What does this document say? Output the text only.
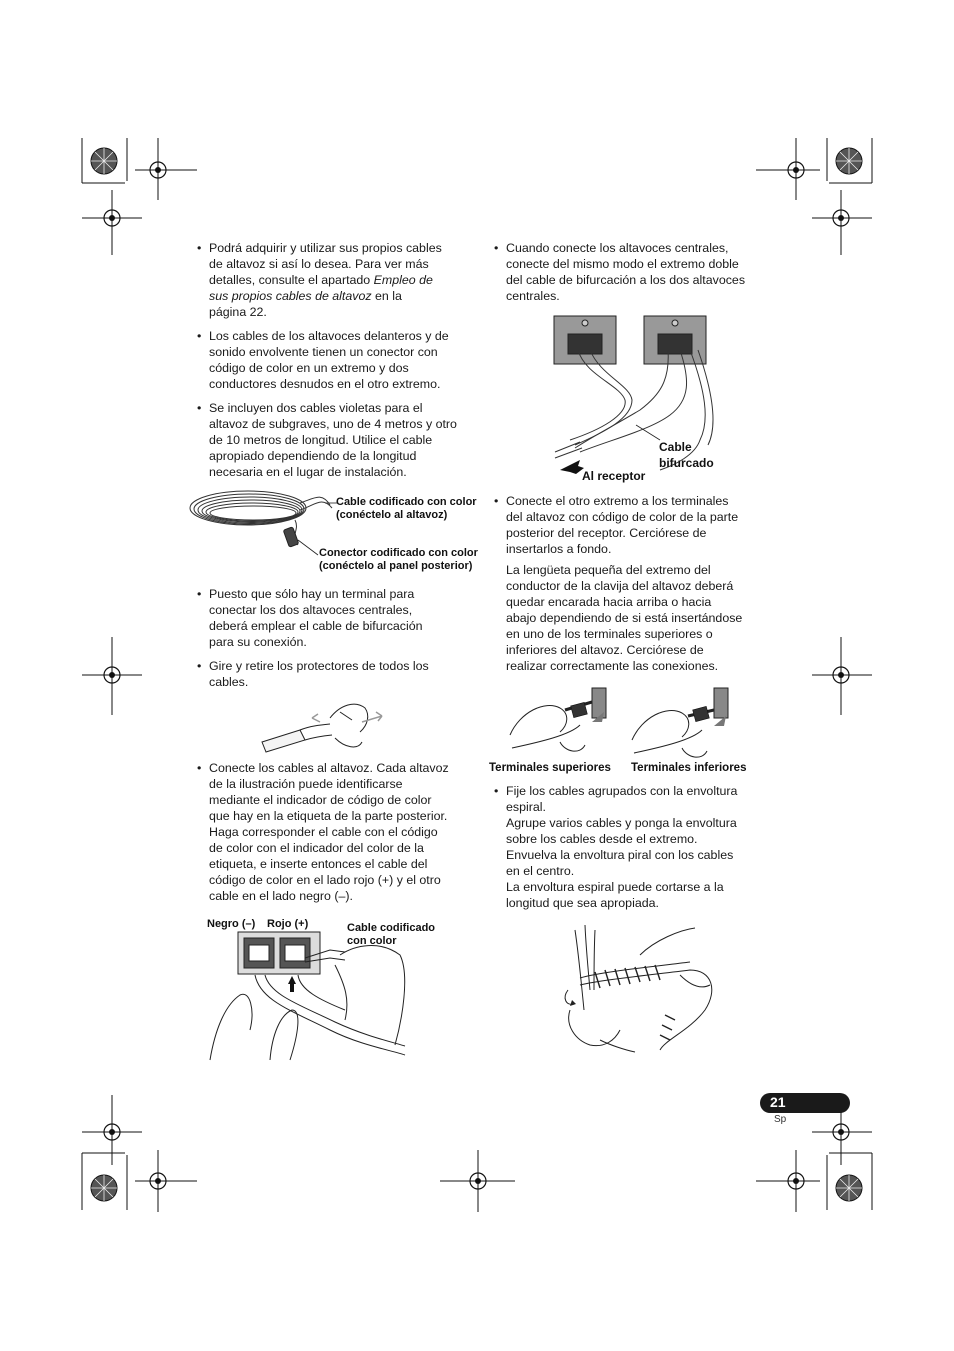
• Podrá adquirir y utilizar sus propios cables
de altavoz si así lo desea. Para ver más
detalles, consulte el apartado Empleo de
sus propios cables de altavoz en la
página 22.
• Los cables de los altavoces delanteros y de
sonido envolvente tienen un conector con
código de color en un extremo y dos
conductores desnudos en el otro extremo.
• Se incluyen dos cables violetas para el
altavoz de subgraves, uno de 4 metros y otro
de 10 metros de longitud. Utilice el cable
apropiado dependiendo de la longitud
necesaria en el lugar de instalación.
Cable codificado con color
(conéctelo al altavoz)
Conector codificado con color
(conéctelo al panel posterior)
• Puesto que sólo hay un terminal para
conectar los dos altavoces centrales,
deberá emplear el cable de bifurcación
para su conexión.
• Gire y retire los protectores de todos los
cables.
• Conecte los cables al altavoz. Cada altavoz
de la ilustración puede identificarse
mediante el indicador de código de color
que hay en la etiqueta de la parte posterior.
Haga corresponder el cable con el código
de color con el indicador del color de la
etiqueta, e inserte entonces el cable del
código de color en el lado rojo (+) y el otro
cable en el lado negro (–).
Negro (–) Rojo (+)	Cable codificado
con color
• Cuando conecte los altavoces centrales,
conecte del mismo modo el extremo doble
del cable de bifurcación a los dos altavoces
centrales.
Cable
bifurcado
Al receptor
• Conecte el otro extremo a los terminales
del altavoz con código de color de la parte
posterior del receptor. Cerciórese de
insertarlos a fondo.
La lengüeta pequeña del extremo del
conductor de la clavija del altavoz deberá
quedar encarada hacia arriba o hacia
abajo dependiendo de si está insertándose
en uno de los terminales superiores o
inferiores del altavoz. Cerciórese de
realizar correctamente las conexiones.
Terminales superiores Terminales inferiores
• Fije los cables agrupados con la envoltura
espiral.
Agrupe varios cables y ponga la envoltura
sobre los cables desde el extremo.
Envuelva la envoltura piral con los cables
en el centro.
La envoltura espiral puede cortarse a la
longitud que sea apropiada.
21
Sp
